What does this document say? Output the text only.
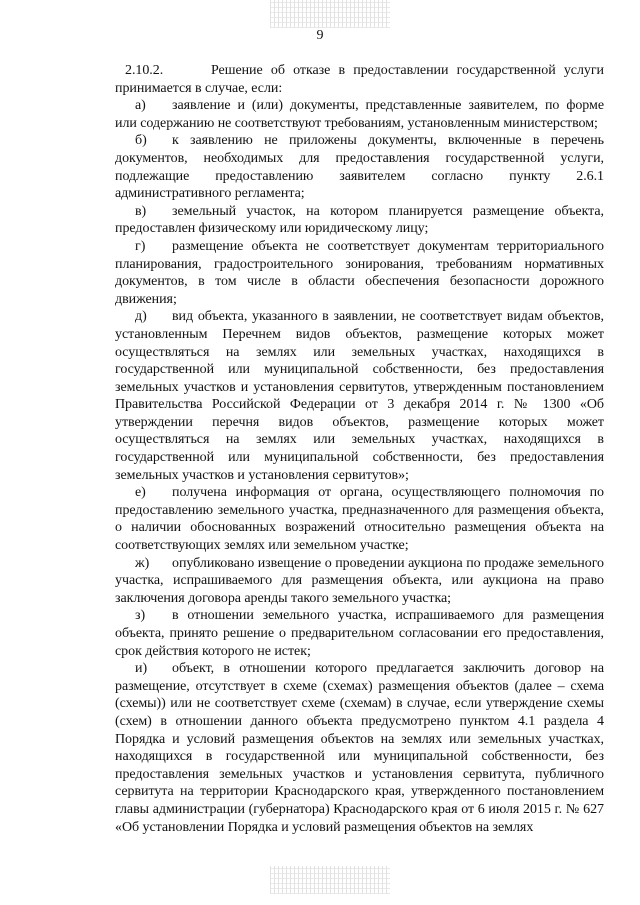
9

2.10.2.	Решение об отказе в предоставлении государственной услуги принимается в случае, если:

а) заявление и (или) документы, представленные заявителем, по форме или содержанию не соответствуют требованиям, установленным министерством;

б) к заявлению не приложены документы, включенные в перечень документов, необходимых для предоставления государственной услуги, подлежащие предоставлению заявителем согласно пункту 2.6.1 административного регламента;

в) земельный участок, на котором планируется размещение объекта, предоставлен физическому или юридическому лицу;

г) размещение объекта не соответствует документам территориального планирования, градостроительного зонирования, требованиям нормативных документов, в том числе в области обеспечения безопасности дорожного движения;

д) вид объекта, указанного в заявлении, не соответствует видам объектов, установленным Перечнем видов объектов, размещение которых может осуществляться на землях или земельных участках, находящихся в государственной или муниципальной собственности, без предоставления земельных участков и установления сервитутов, утвержденным постановлением Правительства Российской Федерации от 3 декабря 2014 г. № 1300 «Об утверждении перечня видов объектов, размещение которых может осуществляться на землях или земельных участках, находящихся в государственной или муниципальной собственности, без предоставления земельных участков и установления сервитутов»;

е) получена информация от органа, осуществляющего полномочия по предоставлению земельного участка, предназначенного для размещения объекта, о наличии обоснованных возражений относительно размещения объекта на соответствующих землях или земельном участке;

ж) опубликовано извещение о проведении аукциона по продаже земельного участка, испрашиваемого для размещения объекта, или аукциона на право заключения договора аренды такого земельного участка;

з) в отношении земельного участка, испрашиваемого для размещения объекта, принято решение о предварительном согласовании его предоставления, срок действия которого не истек;

и) объект, в отношении которого предлагается заключить договор на размещение, отсутствует в схеме (схемах) размещения объектов (далее – схема (схемы)) или не соответствует схеме (схемам) в случае, если утверждение схемы (схем) в отношении данного объекта предусмотрено пунктом 4.1 раздела 4 Порядка и условий размещения объектов на землях или земельных участках, находящихся в государственной или муниципальной собственности, без предоставления земельных участков и установления сервитута, публичного сервитута на территории Краснодарского края, утвержденного постановлением главы администрации (губернатора) Краснодарского края от 6 июля 2015 г. № 627 «Об установлении Порядка и условий размещения объектов на землях
